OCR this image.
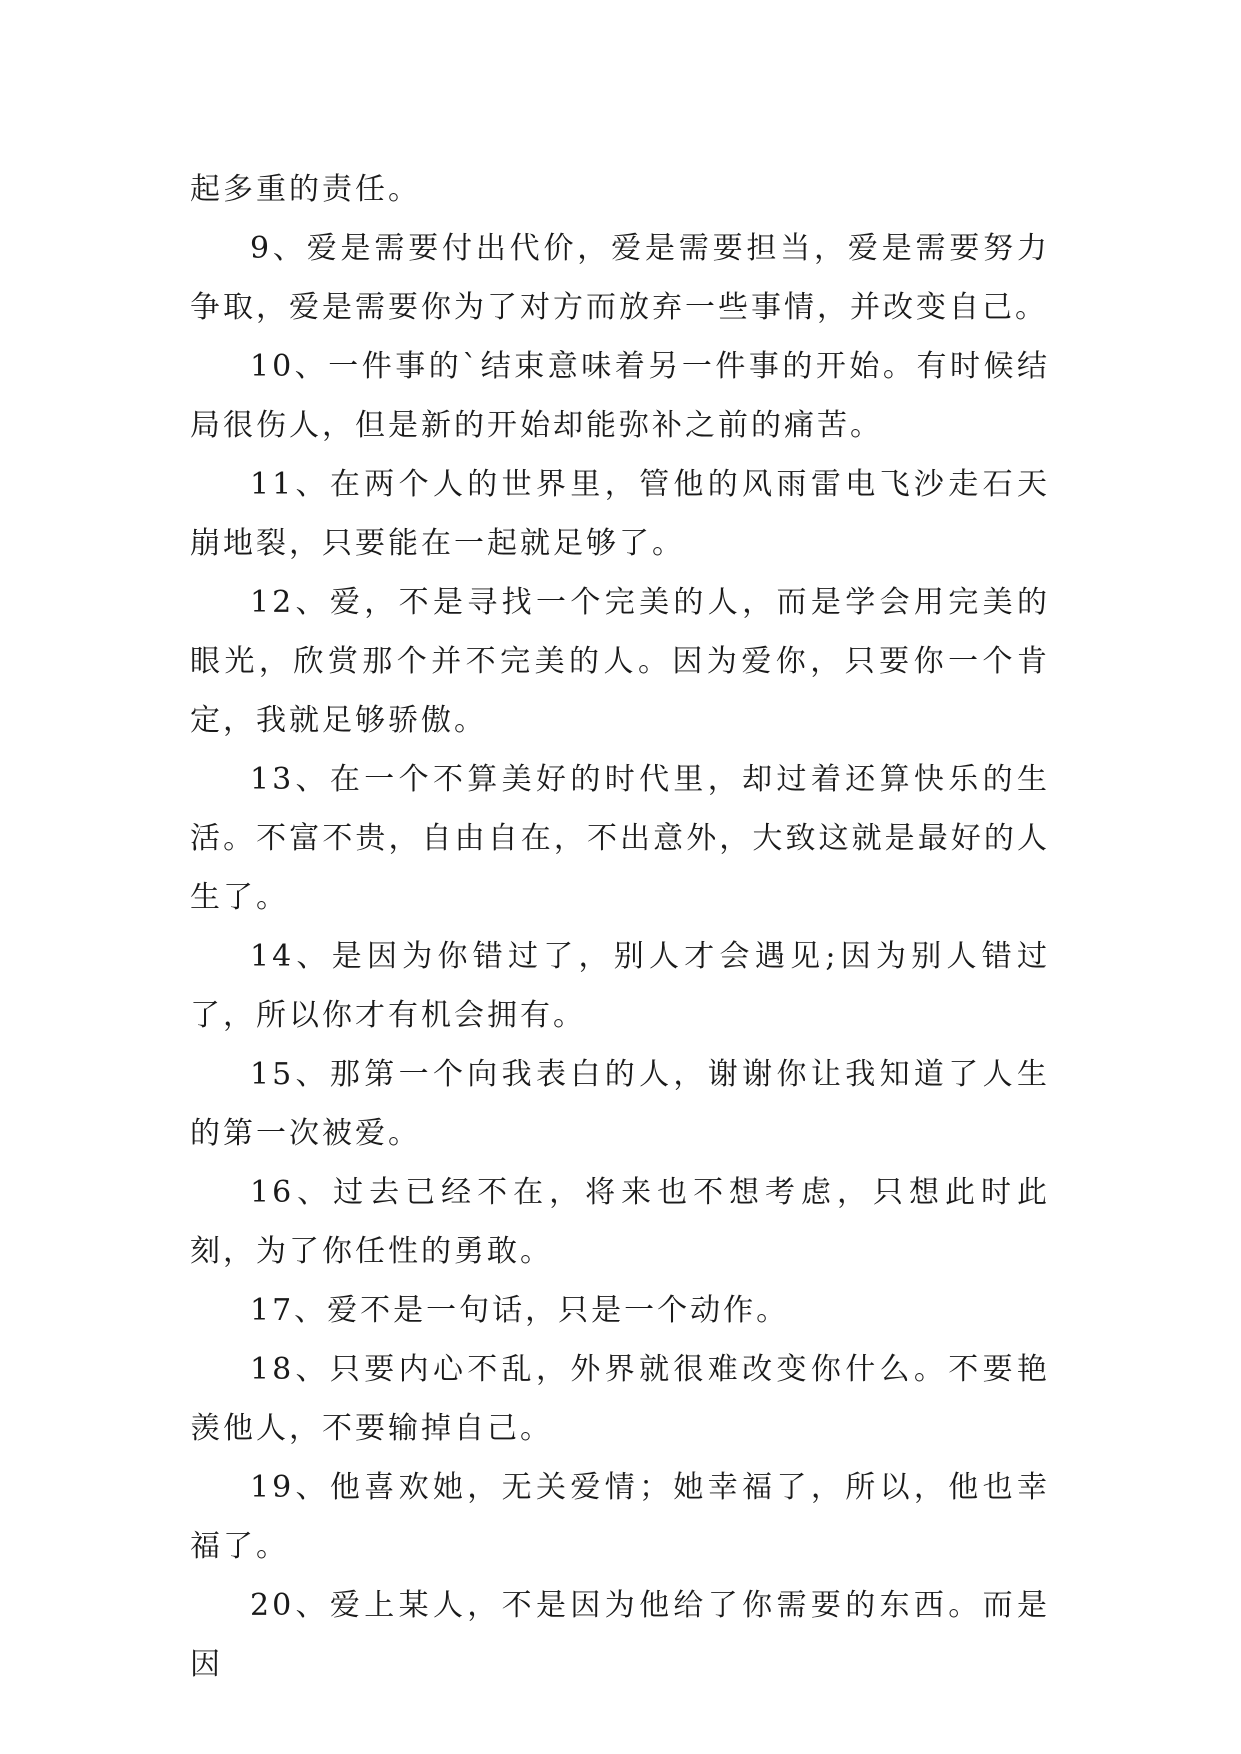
起多重的责任。

9、爱是需要付出代价，爱是需要担当，爱是需要努力争取，爱是需要你为了对方而放弃一些事情，并改变自己。

10、一件事的`结束意味着另一件事的开始。有时候结局很伤人，但是新的开始却能弥补之前的痛苦。

11、在两个人的世界里，管他的风雨雷电飞沙走石天崩地裂，只要能在一起就足够了。

12、爱，不是寻找一个完美的人，而是学会用完美的眼光，欣赏那个并不完美的人。因为爱你，只要你一个肯定，我就足够骄傲。

13、在一个不算美好的时代里，却过着还算快乐的生活。不富不贵，自由自在，不出意外，大致这就是最好的人生了。

14、是因为你错过了，别人才会遇见;因为别人错过了，所以你才有机会拥有。

15、那第一个向我表白的人，谢谢你让我知道了人生的第一次被爱。

16、过去已经不在，将来也不想考虑，只想此时此刻，为了你任性的勇敢。

17、爱不是一句话，只是一个动作。

18、只要内心不乱，外界就很难改变你什么。不要艳羡他人，不要输掉自己。

19、他喜欢她，无关爱情；她幸福了，所以，他也幸福了。

20、爱上某人，不是因为他给了你需要的东西。而是因
